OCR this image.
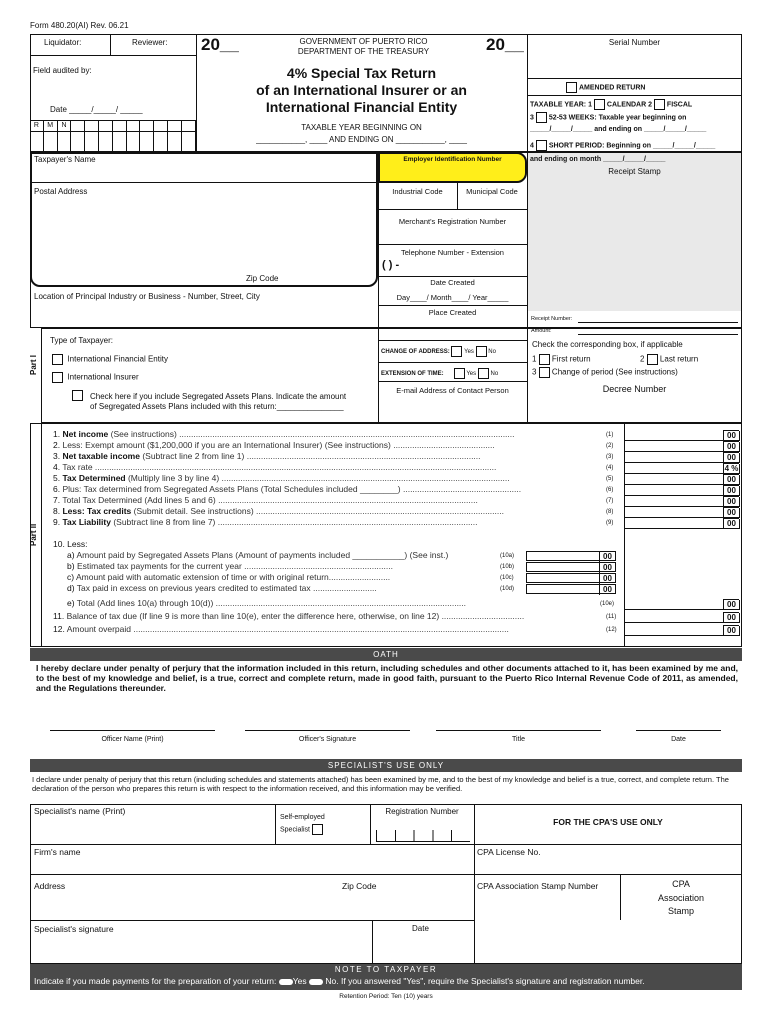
Form 480.20(AI) Rev. 06.21
Liquidator:	Reviewer:
Field audited by:
Date _____/_____/ _____
R	M	N
20__	20__
GOVERNMENT OF PUERTO RICO
DEPARTMENT OF THE TREASURY
4% Special Tax Return
of an International Insurer or an
International Financial Entity
TAXABLE YEAR BEGINNING ON
___________, ____ AND ENDING ON ___________, ____
Serial Number
AMENDED RETURN
TAXABLE YEAR: 1 CALENDAR 2 FISCAL
3 52-53 WEEKS: Taxable year beginning on
_____/_____/_____ and ending on _____/_____/_____
4 SHORT PERIOD: Beginning on _____/_____/_____
Taxpayer's Name
Postal Address
Zip Code
Location of Principal Industry or Business - Number, Street, City
Employer Identification Number
Industrial Code	Municipal Code
Merchant's Registration Number
Telephone Number - Extension
( ) -
Date Created
Day____/ Month____/ Year_____
Place Created
and ending on month _____/_____/_____
Receipt Stamp
Receipt Number:
Amount:
Part I
Type of Taxpayer:
International Financial Entity
International Insurer
Check here if you include Segregated Assets Plans. Indicate the amount
of Segregated Assets Plans included with this return:_______________
CHANGE OF ADDRESS: Yes No
EXTENSION OF TIME:	Yes No
E-mail Address of Contact Person
Check the corresponding box, if applicable
1 First return	2 Last return
3 Change of period (See instructions)
Decree Number
Part II
1. Net income (See instructions) ..............................................................................................................................................	(1)	00
2. Less: Exempt amount ($1,200,000 if you are an International Insurer) (See instructions) ...........................................	(2)	00
3. Net taxable income (Subtract line 2 from line 1) ...................................................................................................	(3)	00
4. Tax rate ..........................................................................................................................................................................	(4)	4 %
5. Tax Determined (Multiply line 3 by line 4) ..........................................................................................................................	(5)	00
6. Plus: Tax determined from Segregated Assets Plans (Total Schedules included ________) ..................................................	(6)	00
7. Total Tax Determined (Add lines 5 and 6) ..............................................................................................................	(7)	00
8. Less: Tax credits (Submit detail. See instructions) .........................................................................................................	(8)	00
9. Tax Liability (Subtract line 8 from line 7) ..............................................................................................................	(9)	00
10. Less:
a) Amount paid by Segregated Assets Plans (Amount of payments included ___________) (See inst.)	(10a)	00
b) Estimated tax payments for the current year ...............................................................	(10b)	00
c) Amount paid with automatic extension of time or with original return..........................	(10c)	00
d) Tax paid in excess on previous years credited to estimated tax ...........................	(10d)	00
e) Total (Add lines 10(a) through 10(d)) ..........................................................................................................	(10e)	00
11. Balance of tax due (If line 9 is more than line 10(e), enter the difference here, otherwise, on line 12) ...................................	(11)	00
12. Amount overpaid ...............................................................................................................................................................	(12)	00
OATH
I hereby declare under penalty of perjury that the information included in this return, including schedules and other documents attached to it, has been examined by me and, to the best of my knowledge and belief, is a true, correct and complete return, made in good faith, pursuant to the Puerto Rico Internal Revenue Code of 2011, as amended, and the Regulations thereunder.
Officer Name (Print)	Officer's Signature	Title	Date
SPECIALIST'S USE ONLY
I declare under penalty of perjury that this return (including schedules and statements attached) has been examined by me, and to the best of my knowledge and belief is a true, correct, and complete return. The declaration of the person who prepares this return is with respect to the information received, and this information may be verified.
Specialist's name (Print)
Self-employed
Specialist
Registration Number
FOR THE CPA'S USE ONLY
Firm's name	CPA License No.
Address	Zip Code	CPA Association Stamp Number	CPA
Association
Stamp
Specialist's signature	Date
NOTE TO TAXPAYER
Indicate if you made payments for the preparation of your return: Yes No. If you answered "Yes", require the Specialist's signature and registration number.
Retention Period: Ten (10) years
